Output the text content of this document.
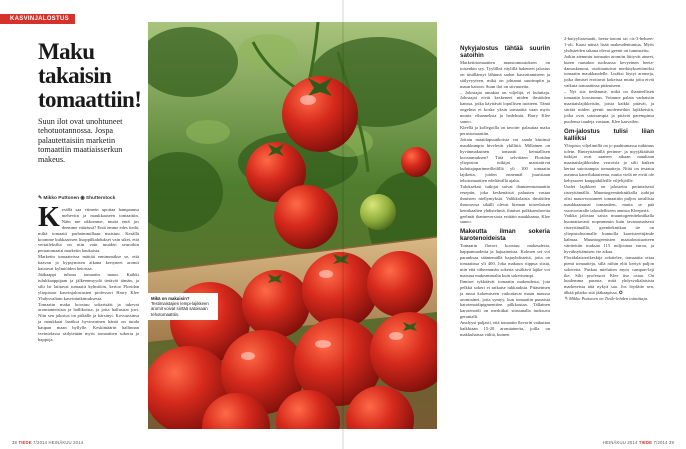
KASVINJALOSTUS
Maku takaisin tomaattiin!
Suun ilot ovat unohtuneet tehotuotannossa. Jospa palautettaisiin marketin tomaattiin maatiaisserkun makeus.
✎ Mikko Puttonen ◉ Shutterstock
K esällä saa viimein upottaa hampaansa meheviin ja maukkaaseen tomaattiin. Näin me ukkomme, mutta entä jos deemme väärässä? Entä emme edes tiedä, miltä tomaatti parhaimmillaan maistuu. Kesällä koomme kukkaarisen lisoppilkahdukset vain sikei, että vertaileksilta on niin vain muiden seuroihin peruatomaatti marketin kaukaista.

Marketin tomaateissa mättää ennimmäkse se, että kaavan ja kypsymisen aikana kertyneet aromit katoavat kylmiöiden hetoissa.

Jääkaappi tuhoaa tomaatin maun. Kaikki tulukkaappijaan ja jälkeenmyydä tietävät tämän, ja silti he laittavat tomaatit kylmiöön, kertoo Floridan yliopiston kasvinjalostusten professori Harry Klee Yhdysvaltain kasvintutkimuksesta.

Tomaatin maku koostuu sokerisäät ja tukevat aromiaineisista ja hallikoista, ja joita hallustrat joet. Niin sen jalostus on pitkälle ja kärsinyt. Kovuussinsa ja maukkaat laatikot hyvinvainen häntä on tuoda kaupan maan hyllylle. Keskimäärin hallinnan ravintolassa säilytetään myös tomaattien sokeria ja happoja.

38 TIEDE 7/2014 HEINÄKUU 2014
Mikä on makuisin? Testimaistajien lempi-lajikkeen aromit voivat siirtää satoisaan tehotomaattiin.
Nykyjalostus tähtää suuriin satoihin

Markettitomaattien maustomuutoksen on toisenkin syy. Tyylilleä väylillä hakeneet jalostus on täsällänsyt lähinnä sadon kasvattamiseen ja säilyvyyteen, mikä on johtanut suurimpiin ja maun katoon. Suun ilot on siivuutettu.

– Jalostajat ansakaa on viljelijä, ei kuluttaja. Jalostajat eivät keskeneet niiden ilmiöiden kanssa, jotka käyttävät lopullisen tuotteen. Tämä ongelma ei koske yksin tomaattia vaan myös monia vihanneksia ja hedelmiä, Harry Klee sanoo.

Kleellä ja kollegoilla on tavoite: palauttaa maku perustomaattiin.

Joitain maatilapuutikoista voi saada käsiinsä maukkumpia hivelevät ykillittä. Millainen on hyvänmakuinen tomaatti kemiallisen koostumuksen? Tätä selvittäen Floridan yliopiston tutkijat maistattivat kuluttajaparinneilleilillä yli 100 tomaatin lajiketta, joiden ennennäl juuristaan tehotomaattien edeltävällä ajalta.

Tuloksekssi tutkijat saivat ihanneentomaattin reseptin, joka keskenäisiä paluuten vastaa ihmisten niellymyksiä. Valikkolaista ilmiöiden ihmoseosa sikälli olevat hieman toiseelaisen kemikaalien yhdistelmiä, ihmiset polkkaeulseetta geelmät ihanneversiota erittäin maukkaana, Klee sanoo.

Makeutta ilman sokeria karotenoideista

Tomaatin flavori koostuu makeudesta, happamuudesta ja hajuaineista. Kolmen sei voi paranksaa sääntemällä hajuyhdisteitä, joita on tomaatissa yli 400. Joka makuun riippua siistä, niin että väheemmän sokeria sisältävä lajike voi maistua makeammalta kuin sokerisempi.

Ihmiset tykkäävät tomaatin makeudesta, jota pelkkä sokeri ei ratkaise rakkauksia. Pitäseimen ja muut kokemiseen vaikuttavat maun maussa aromiainet, joita syntyy, kun tomaattin punaisia karotenoidipigmenttien pilkkoutaa. Tällainen karotenoidi on merkitkai sitruunalla tuoksuva geranialli.

Analyysi paljasti, että tomaatin flavorin vaikuttaa kaikkiaan 15-20 aromiainetta, joilla on makkuhaissa välitä, kuinen

2-butyyliasetaatti, beeta-iononi tai cis-3-heksen-1-oli. Kaasi näistä lisää makeudentuntua. Myös yhdisteiden takana olevat geenit on tunnistettu.

Jotkin aiemmin tomaatin aromiin liittyvät aineet, kuten raasukin tuoksussa kevyeinen beeta-damaskenoni, osoittautuivat merkityksettömiksi tomaatin maukkaudelle. Lisäksi löytyi aromeja, jotka ihmiset erottavat kokeissa mutta joita eivät vaikuta tomaattinsa pitämiseen.

– Nyt siis tiedämme, mikä on ihanteellisen tomaatin koostumus. Voimme palata varhaisiin maatiaislajikkeisiin, joista kaikki pitävät, ja siirtää niiden geenit moderneihin lajikkeisiin, jotka ovat satoisampia ja pitävät parempinsa puolensa taudeja vastaan, Klee kasvaileo.

Gm-jalostus tulisi liian kalliiksi

Yliopisto viljelimillä on jo paahtumassa tutkimus tolein. Rinteyttämällä perinne- ja myyjäkäitsää tutkijat ovat saaneet aikaan maultaan maatiaislajikkeiden verroisia ja silti kaiken kertaa satoisampia tomaatteja. Niitä on testattu aseansa kanvilukauteena, mutta vielä ne eivät ole kehyssseet kauppahilleille viljelijöille.

Uudet lajikkeet on jalostettu perinteisesti risteyttämällä. Muuntogeenitekniikalla tutkijat olisi maun-nostaneet tomaattiin paljon tavallista maukkaammat tomaattien, mutta se pää vuoroovaralle taloudelliseen annista Kleeperiä.

Vaikka jalostaa saisia muuntogeenitekniikalla huomattavasti nopeammin kuin tavanomaisesti risteyttämällä, geenitekniikan tie on yliopistohuomalle kunnolla kaavisteettijände kalmaa. Muuntogeenisten maataloustuotteen vänttettiin maksaa 115 miljoonaa euroa, ja hyväksyttämisen vie aikaa.

Floridalaisterikeskija odottelee, tomaattia ottaa pienä tomaatteja, sillä niihin eltti kertyä paljon sokereita. Paskaa mieluiten myös campari-laji ike. Silti professori Klee itse ostaa. On kuulemma parasta, mitä yhdysvaltalaisista marketeista tätä nykyä saa. Jos löydätte sen, älkää pilatko sitä jääkaapissa. ✪

✎ Mikko Puttonen on Tiede-lehden toimittaja.

HEINÄKUU 2014 TIEDE 7/2014 39
